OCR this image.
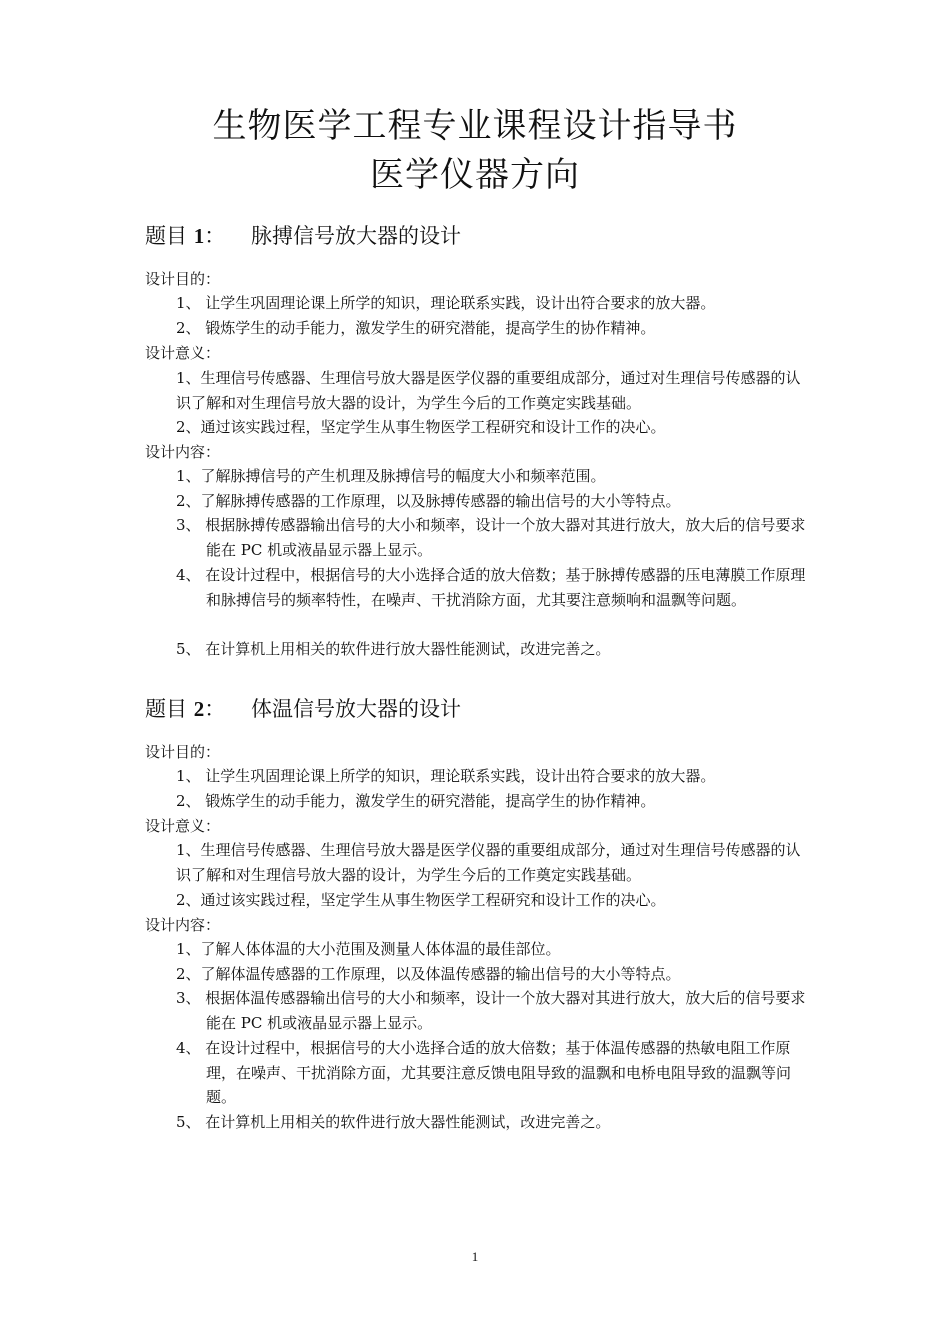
生物医学工程专业课程设计指导书
医学仪器方向
题目 1： 脉搏信号放大器的设计
设计目的：
1、 让学生巩固理论课上所学的知识，理论联系实践，设计出符合要求的放大器。
2、 锻炼学生的动手能力，激发学生的研究潜能，提高学生的协作精神。
设计意义：
1、生理信号传感器、生理信号放大器是医学仪器的重要组成部分，通过对生理信号传感器的认识了解和对生理信号放大器的设计，为学生今后的工作奠定实践基础。
2、通过该实践过程，坚定学生从事生物医学工程研究和设计工作的决心。
设计内容：
1、了解脉搏信号的产生机理及脉搏信号的幅度大小和频率范围。
2、了解脉搏传感器的工作原理，以及脉搏传感器的输出信号的大小等特点。
3、 根据脉搏传感器输出信号的大小和频率，设计一个放大器对其进行放大，放大后的信号要求能在 PC 机或液晶显示器上显示。
4、 在设计过程中，根据信号的大小选择合适的放大倍数；基于脉搏传感器的压电薄膜工作原理和脉搏信号的频率特性，在噪声、干扰消除方面，尤其要注意频响和温飘等问题。
5、 在计算机上用相关的软件进行放大器性能测试，改进完善之。
题目 2： 体温信号放大器的设计
设计目的：
1、 让学生巩固理论课上所学的知识，理论联系实践，设计出符合要求的放大器。
2、 锻炼学生的动手能力，激发学生的研究潜能，提高学生的协作精神。
设计意义：
1、生理信号传感器、生理信号放大器是医学仪器的重要组成部分，通过对生理信号传感器的认识了解和对生理信号放大器的设计，为学生今后的工作奠定实践基础。
2、通过该实践过程，坚定学生从事生物医学工程研究和设计工作的决心。
设计内容：
1、了解人体体温的大小范围及测量人体体温的最佳部位。
2、了解体温传感器的工作原理，以及体温传感器的输出信号的大小等特点。
3、 根据体温传感器输出信号的大小和频率，设计一个放大器对其进行放大，放大后的信号要求能在 PC 机或液晶显示器上显示。
4、 在设计过程中，根据信号的大小选择合适的放大倍数；基于体温传感器的热敏电阻工作原理，在噪声、干扰消除方面，尤其要注意反馈电阻导致的温飘和电桥电阻导致的温飘等问题。
5、 在计算机上用相关的软件进行放大器性能测试，改进完善之。
1
